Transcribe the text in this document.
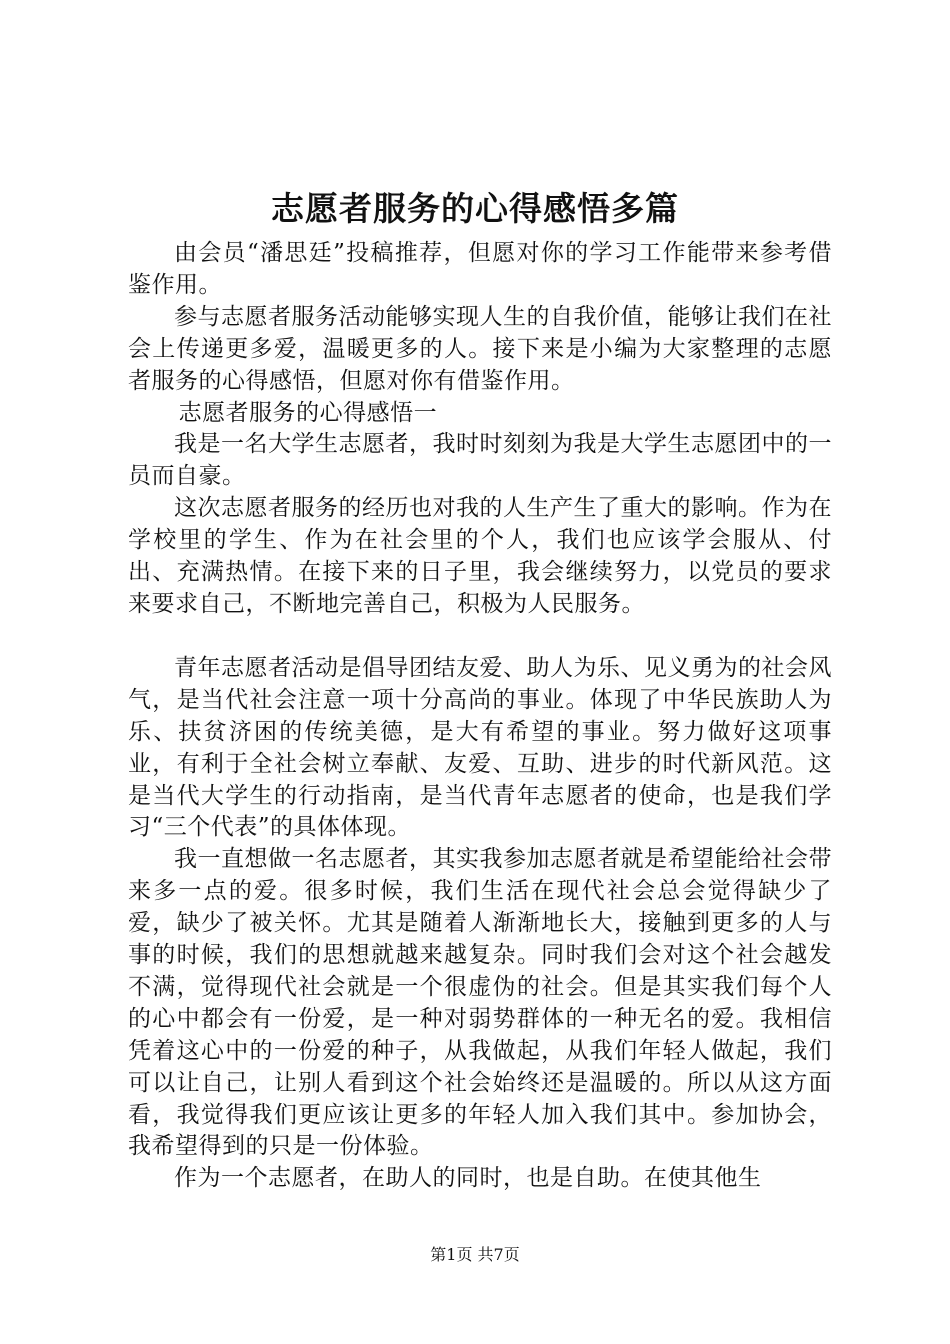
志愿者服务的心得感悟多篇

由会员“潘思廷”投稿推荐，但愿对你的学习工作能带来参考借鉴作用。

参与志愿者服务活动能够实现人生的自我价值，能够让我们在社会上传递更多爱，温暖更多的人。接下来是小编为大家整理的志愿者服务的心得感悟，但愿对你有借鉴作用。

志愿者服务的心得感悟一

我是一名大学生志愿者，我时时刻刻为我是大学生志愿团中的一员而自豪。

这次志愿者服务的经历也对我的人生产生了重大的影响。作为在学校里的学生、作为在社会里的个人，我们也应该学会服从、付出、充满热情。在接下来的日子里，我会继续努力，以党员的要求来要求自己，不断地完善自己，积极为人民服务。

青年志愿者活动是倡导团结友爱、助人为乐、见义勇为的社会风气，是当代社会注意一项十分高尚的事业。体现了中华民族助人为乐、扶贫济困的传统美德，是大有希望的事业。努力做好这项事业，有利于全社会树立奉献、友爱、互助、进步的时代新风范。这是当代大学生的行动指南，是当代青年志愿者的使命，也是我们学习“三个代表”的具体体现。

我一直想做一名志愿者，其实我参加志愿者就是希望能给社会带来多一点的爱。很多时候，我们生活在现代社会总会觉得缺少了爱，缺少了被关怀。尤其是随着人渐渐地长大，接触到更多的人与事的时候，我们的思想就越来越复杂。同时我们会对这个社会越发不满，觉得现代社会就是一个很虚伪的社会。但是其实我们每个人的心中都会有一份爱，是一种对弱势群体的一种无名的爱。我相信凭着这心中的一份爱的种子，从我做起，从我们年轻人做起，我们可以让自己，让别人看到这个社会始终还是温暖的。所以从这方面看，我觉得我们更应该让更多的年轻人加入我们其中。参加协会，我希望得到的只是一份体验。

作为一个志愿者，在助人的同时，也是自助。在使其他生

第1页 共7页
